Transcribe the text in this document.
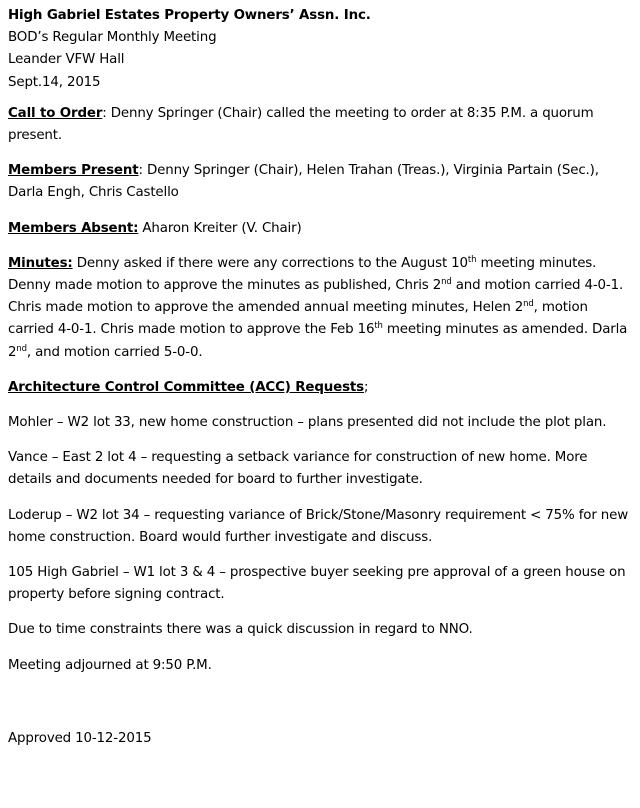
High Gabriel Estates Property Owners’ Assn. Inc.
BOD’s Regular Monthly Meeting
Leander VFW Hall
Sept.14, 2015

Call to Order: Denny Springer (Chair) called the meeting to order at 8:35 P.M. a quorum present.

Members Present: Denny Springer (Chair), Helen Trahan (Treas.), Virginia Partain (Sec.), Darla Engh, Chris Castello

Members Absent: Aharon Kreiter (V. Chair)

Minutes: Denny asked if there were any corrections to the August 10th meeting minutes. Denny made motion to approve the minutes as published, Chris 2nd and motion carried 4-0-1. Chris made motion to approve the amended annual meeting minutes, Helen 2nd, motion carried 4-0-1. Chris made motion to approve the Feb 16th meeting minutes as amended. Darla 2nd, and motion carried 5-0-0.

Architecture Control Committee (ACC) Requests;

Mohler – W2 lot 33, new home construction – plans presented did not include the plot plan.

Vance – East 2 lot 4 – requesting a setback variance for construction of new home. More details and documents needed for board to further investigate.

Loderup – W2 lot 34 – requesting variance of Brick/Stone/Masonry requirement < 75% for new home construction. Board would further investigate and discuss.

105 High Gabriel – W1 lot 3 & 4 – prospective buyer seeking pre approval of a green house on property before signing contract.

Due to time constraints there was a quick discussion in regard to NNO.

Meeting adjourned at 9:50 P.M.

Approved 10-12-2015
